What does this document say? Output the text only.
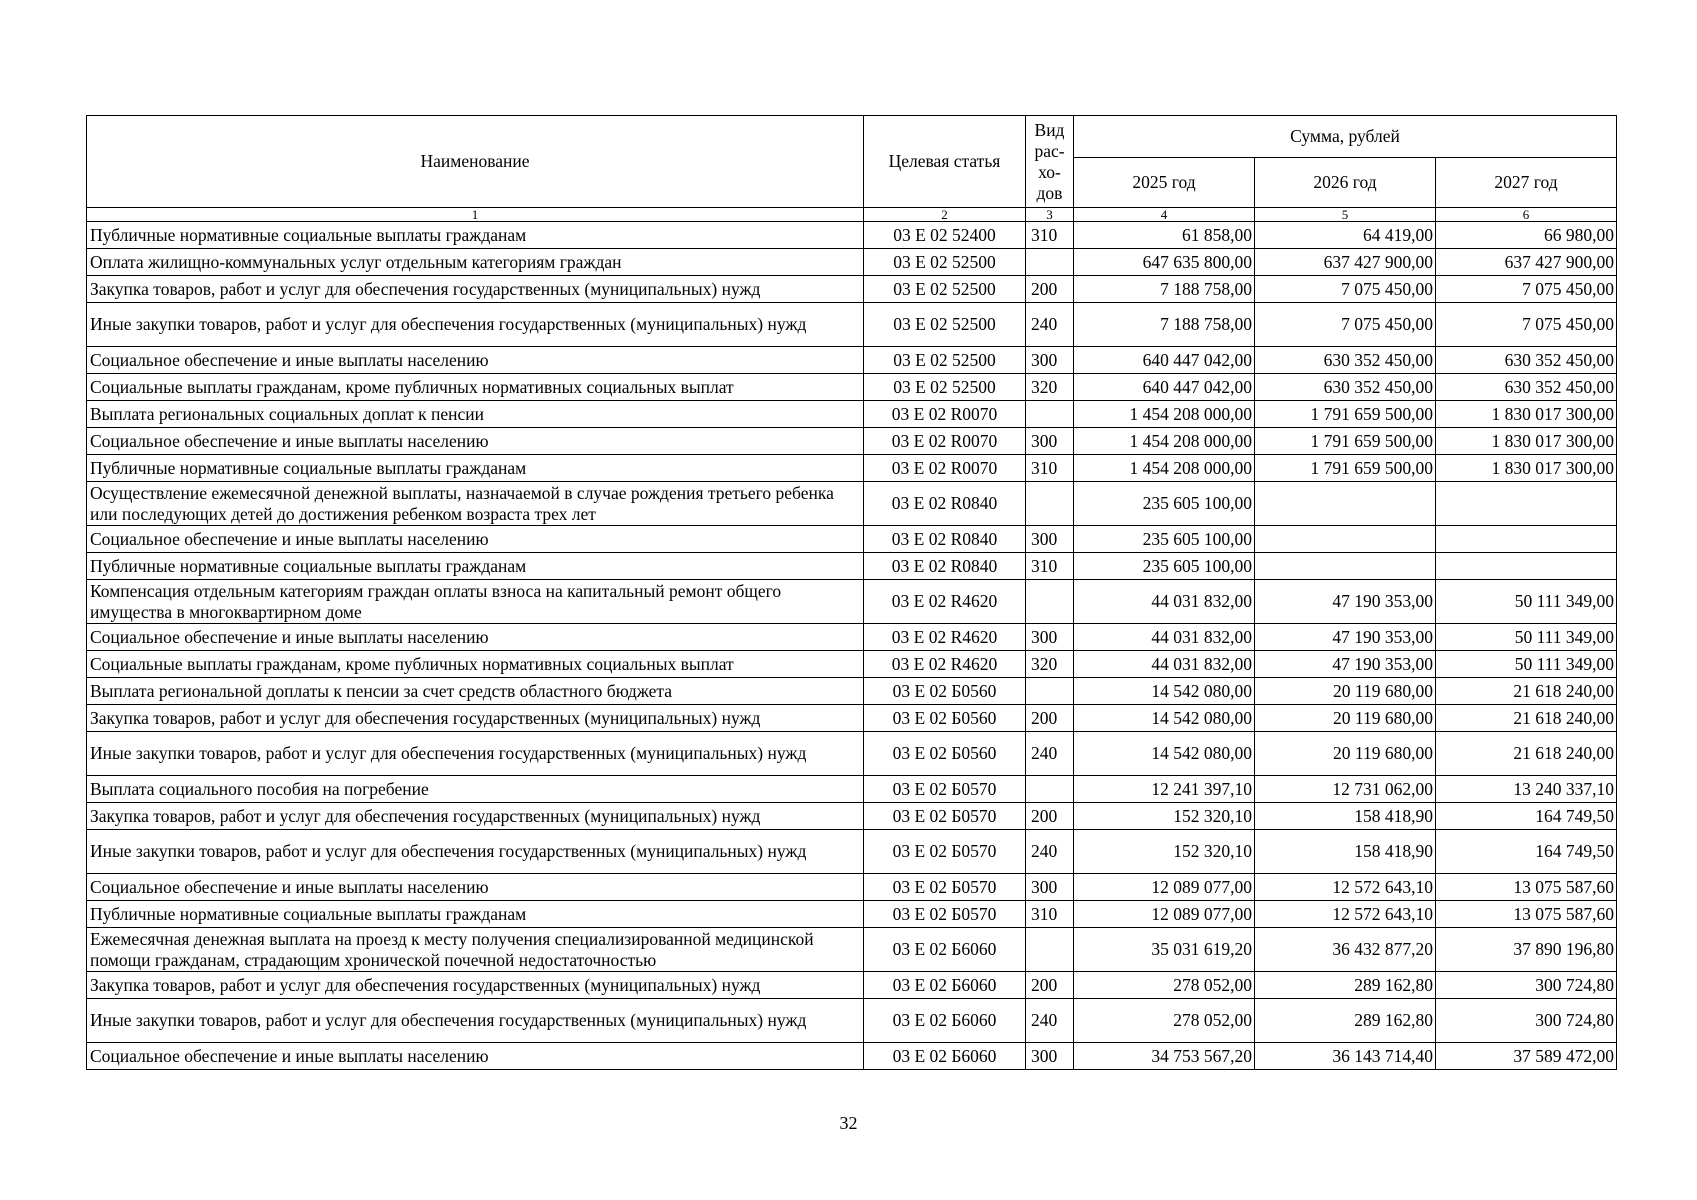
Наименование	Целевая статья	Вид рас-хо-дов	Сумма, рублей		
			2025 год	2026 год	2027 год
1	2	3	4	5	6
Публичные нормативные социальные выплаты гражданам	03 Е 02 52400	310	61 858,00	64 419,00	66 980,00
Оплата жилищно-коммунальных услуг отдельным категориям граждан	03 Е 02 52500		647 635 800,00	637 427 900,00	637 427 900,00
Закупка товаров, работ и услуг для обеспечения государственных (муниципальных) нужд	03 Е 02 52500	200	7 188 758,00	7 075 450,00	7 075 450,00
Иные закупки товаров, работ и услуг для обеспечения государственных (муниципальных) нужд	03 Е 02 52500	240	7 188 758,00	7 075 450,00	7 075 450,00
Социальное обеспечение и иные выплаты населению	03 Е 02 52500	300	640 447 042,00	630 352 450,00	630 352 450,00
Социальные выплаты гражданам, кроме публичных нормативных социальных выплат	03 Е 02 52500	320	640 447 042,00	630 352 450,00	630 352 450,00
Выплата региональных социальных доплат к пенсии	03 Е 02 R0070		1 454 208 000,00	1 791 659 500,00	1 830 017 300,00
Социальное обеспечение и иные выплаты населению	03 Е 02 R0070	300	1 454 208 000,00	1 791 659 500,00	1 830 017 300,00
Публичные нормативные социальные выплаты гражданам	03 Е 02 R0070	310	1 454 208 000,00	1 791 659 500,00	1 830 017 300,00
Осуществление ежемесячной денежной выплаты, назначаемой в случае рождения третьего ребенка или последующих детей до достижения ребенком возраста трех лет	03 Е 02 R0840		235 605 100,00		
Социальное обеспечение и иные выплаты населению	03 Е 02 R0840	300	235 605 100,00		
Публичные нормативные социальные выплаты гражданам	03 Е 02 R0840	310	235 605 100,00		
Компенсация отдельным категориям граждан оплаты взноса на капитальный ремонт общего имущества в многоквартирном доме	03 Е 02 R4620		44 031 832,00	47 190 353,00	50 111 349,00
Социальное обеспечение и иные выплаты населению	03 Е 02 R4620	300	44 031 832,00	47 190 353,00	50 111 349,00
Социальные выплаты гражданам, кроме публичных нормативных социальных выплат	03 Е 02 R4620	320	44 031 832,00	47 190 353,00	50 111 349,00
Выплата региональной доплаты к пенсии за счет средств областного бюджета	03 Е 02 Б0560		14 542 080,00	20 119 680,00	21 618 240,00
Закупка товаров, работ и услуг для обеспечения государственных (муниципальных) нужд	03 Е 02 Б0560	200	14 542 080,00	20 119 680,00	21 618 240,00
Иные закупки товаров, работ и услуг для обеспечения государственных (муниципальных) нужд	03 Е 02 Б0560	240	14 542 080,00	20 119 680,00	21 618 240,00
Выплата социального пособия на погребение	03 Е 02 Б0570		12 241 397,10	12 731 062,00	13 240 337,10
Закупка товаров, работ и услуг для обеспечения государственных (муниципальных) нужд	03 Е 02 Б0570	200	152 320,10	158 418,90	164 749,50
Иные закупки товаров, работ и услуг для обеспечения государственных (муниципальных) нужд	03 Е 02 Б0570	240	152 320,10	158 418,90	164 749,50
Социальное обеспечение и иные выплаты населению	03 Е 02 Б0570	300	12 089 077,00	12 572 643,10	13 075 587,60
Публичные нормативные социальные выплаты гражданам	03 Е 02 Б0570	310	12 089 077,00	12 572 643,10	13 075 587,60
Ежемесячная денежная выплата на проезд к месту получения специализированной медицинской помощи гражданам, страдающим хронической почечной недостаточностью	03 Е 02 Б6060		35 031 619,20	36 432 877,20	37 890 196,80
Закупка товаров, работ и услуг для обеспечения государственных (муниципальных) нужд	03 Е 02 Б6060	200	278 052,00	289 162,80	300 724,80
Иные закупки товаров, работ и услуг для обеспечения государственных (муниципальных) нужд	03 Е 02 Б6060	240	278 052,00	289 162,80	300 724,80
Социальное обеспечение и иные выплаты населению	03 Е 02 Б6060	300	34 753 567,20	36 143 714,40	37 589 472,00
32
